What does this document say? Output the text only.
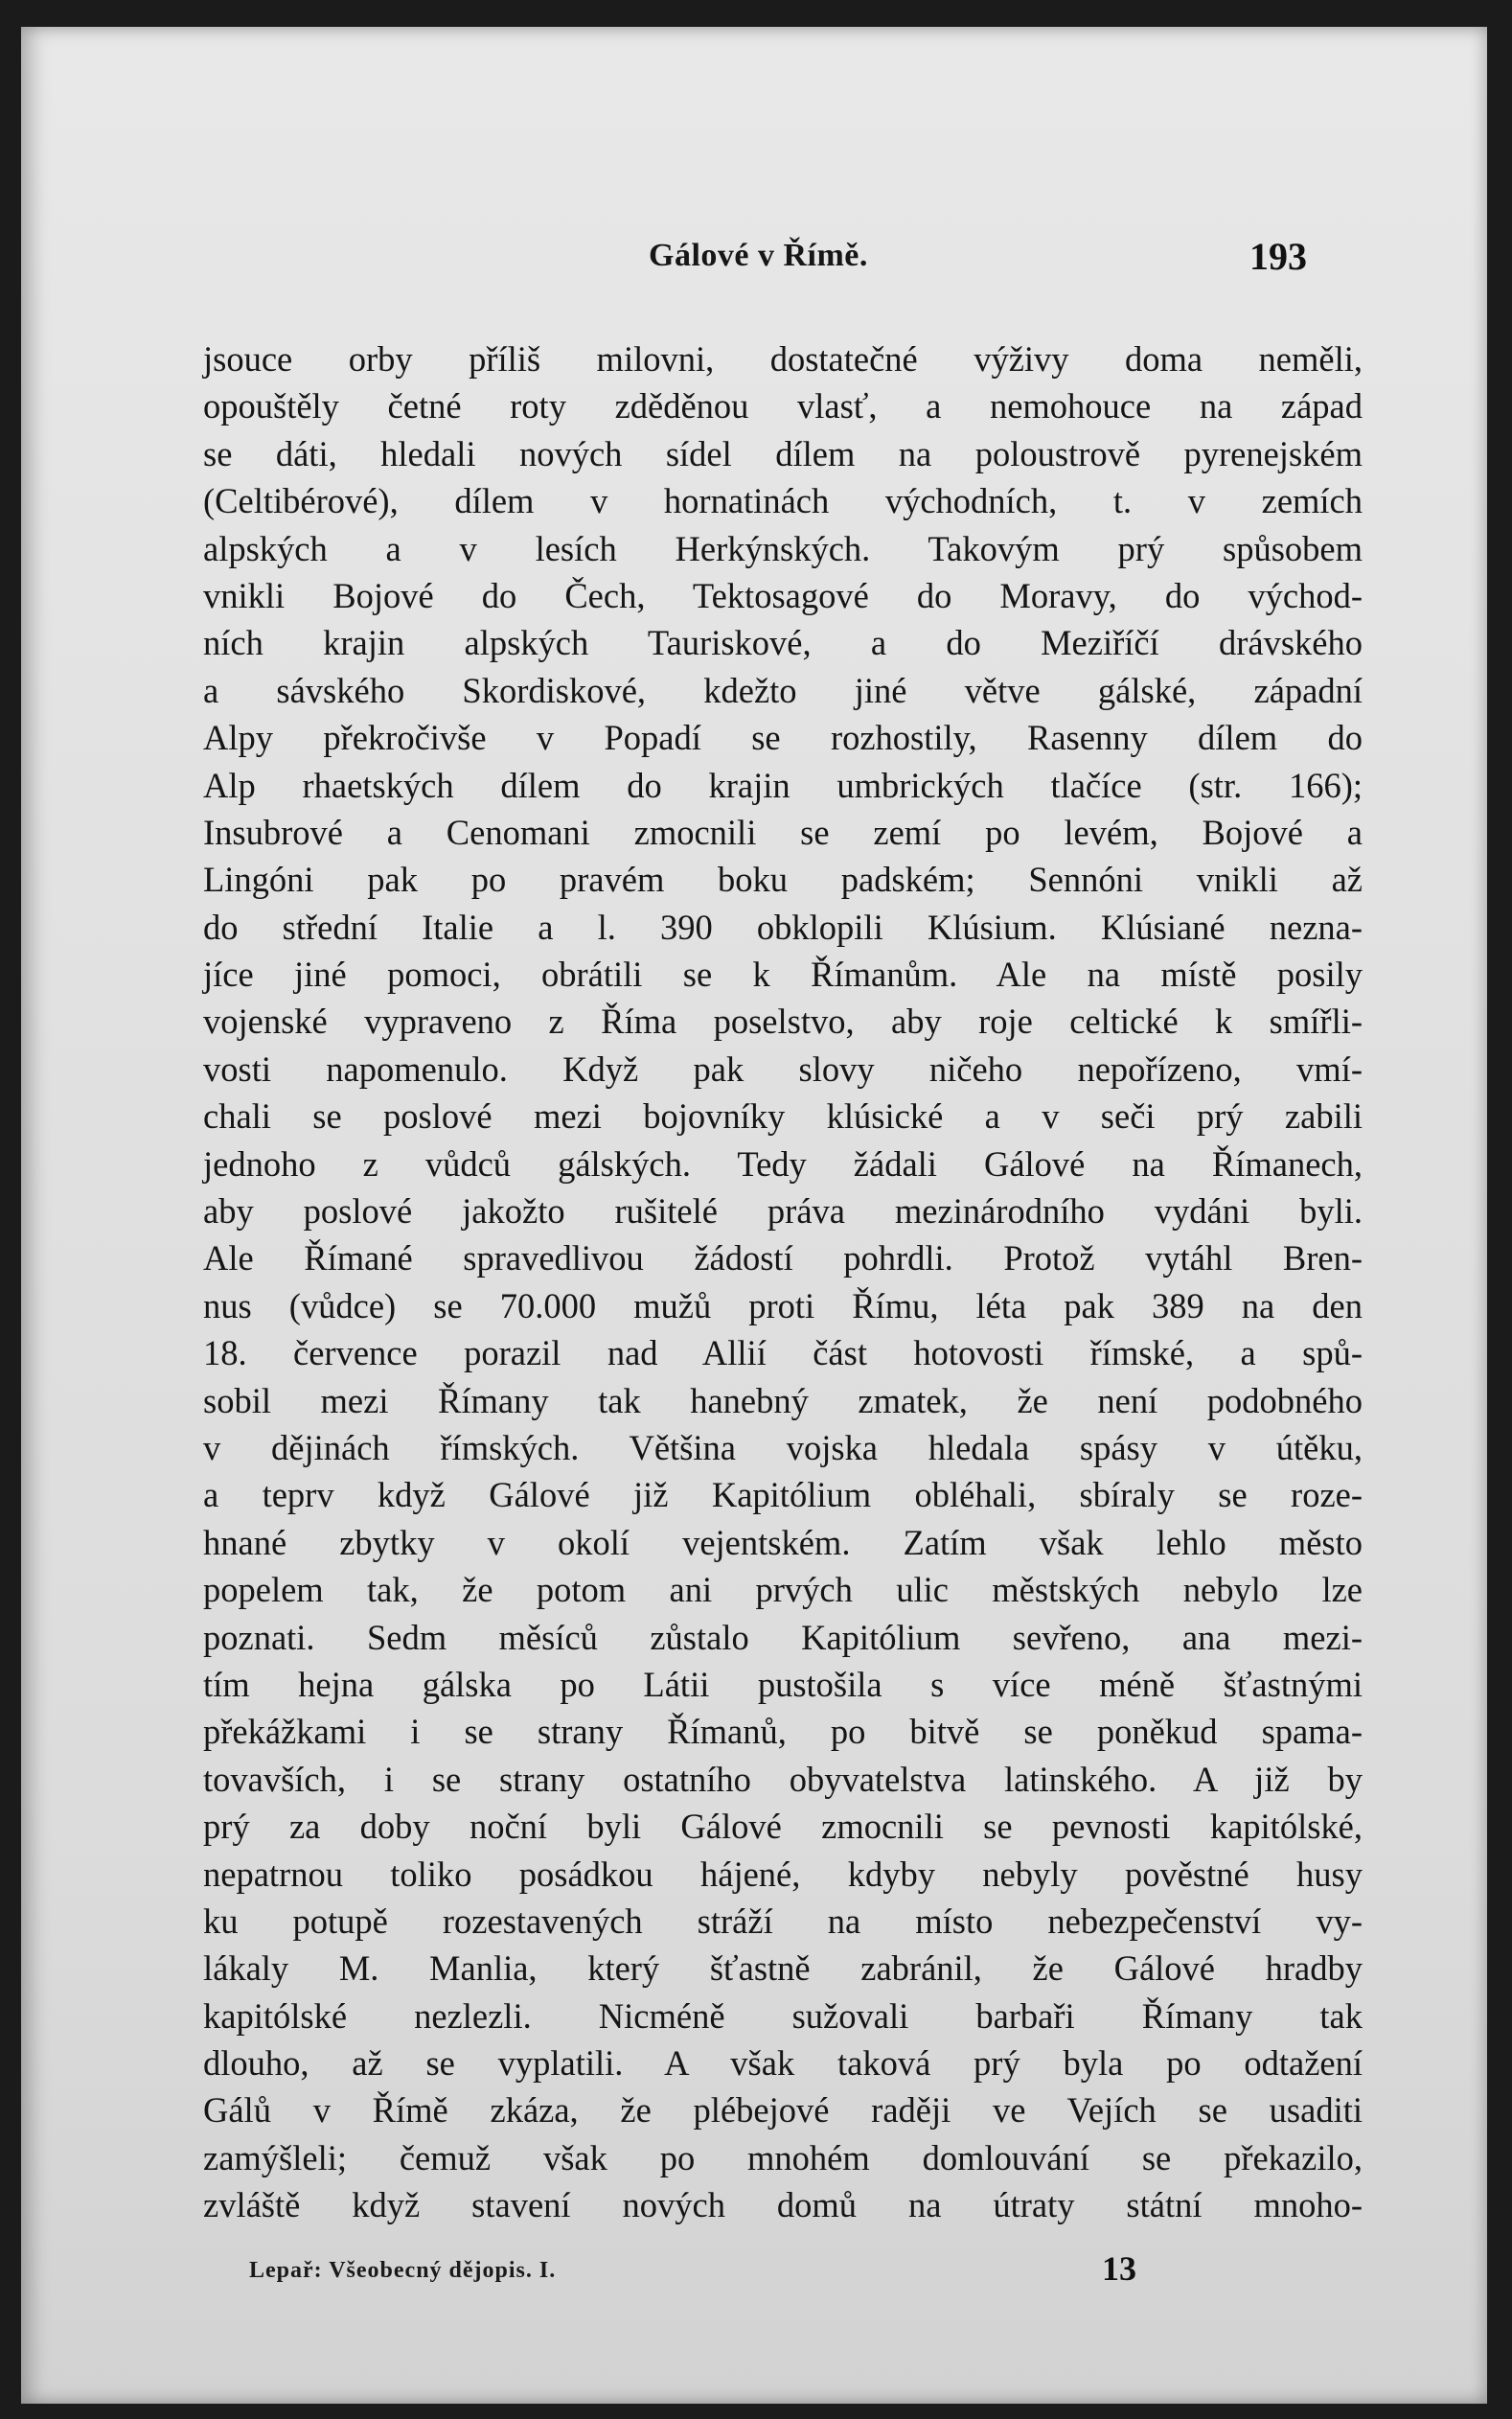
Gálové v Římě.	193
jsouce orby příliš milovni, dostatečné výživy doma neměli,
opouštěly četné roty zděděnou vlasť, a nemohouce na západ
se dáti, hledali nových sídel dílem na poloustrově pyrenejském
(Celtibérové), dílem v hornatinách východních, t. v zemích
alpských a v lesích Herkýnských. Takovým prý spůsobem
vnikli Bojové do Čech, Tektosagové do Moravy, do východ-
ních krajin alpských Tauriskové, a do Meziříčí drávského
a sávského Skordiskové, kdežto jiné větve gálské, západní
Alpy překročivše v Popadí se rozhostily, Rasenny dílem do
Alp rhaetských dílem do krajin umbrických tlačíce (str. 166);
Insubrové a Cenomani zmocnili se zemí po levém, Bojové a
Lingóni pak po pravém boku padském; Sennóni vnikli až
do střední Italie a l. 390 obklopili Klúsium. Klúsiané nezna-
jíce jiné pomoci, obrátili se k Římanům. Ale na místě posily
vojenské vypraveno z Říma poselstvo, aby roje celtické k smířli-
vosti napomenulo. Když pak slovy ničeho nepořízeno, vmí-
chali se poslové mezi bojovníky klúsické a v seči prý zabili
jednoho z vůdců gálských. Tedy žádali Gálové na Římanech,
aby poslové jakožto rušitelé práva mezinárodního vydáni byli.
Ale Římané spravedlivou žádostí pohrdli. Protož vytáhl Bren-
nus (vůdce) se 70.000 mužů proti Římu, léta pak 389 na den
18. července porazil nad Allií část hotovosti římské, a spů-
sobil mezi Římany tak hanebný zmatek, že není podobného
v dějinách římských. Většina vojska hledala spásy v útěku,
a teprv když Gálové již Kapitólium obléhali, sbíraly se roze-
hnané zbytky v okolí vejentském. Zatím však lehlo město
popelem tak, že potom ani prvých ulic městských nebylo lze
poznati. Sedm měsíců zůstalo Kapitólium sevřeno, ana mezi-
tím hejna gálska po Látii pustošila s více méně šťastnými
překážkami i se strany Římanů, po bitvě se poněkud spama-
tovavších, i se strany ostatního obyvatelstva latinského. A již by
prý za doby noční byli Gálové zmocnili se pevnosti kapitólské,
nepatrnou toliko posádkou hájené, kdyby nebyly pověstné husy
ku potupě rozestavených stráží na místo nebezpečenství vy-
lákaly M. Manlia, který šťastně zabránil, že Gálové hradby
kapitólské nezlezli. Nicméně sužovali barbaři Římany tak
dlouho, až se vyplatili. A však taková prý byla po odtažení
Gálů v Římě zkáza, že plébejové raději ve Vejích se usaditi
zamýšleli; čemuž však po mnohém domlouvání se překazilo,
zvláště když stavení nových domů na útraty státní mnoho-
Lepař: Všeobecný dějopis. I.	13
